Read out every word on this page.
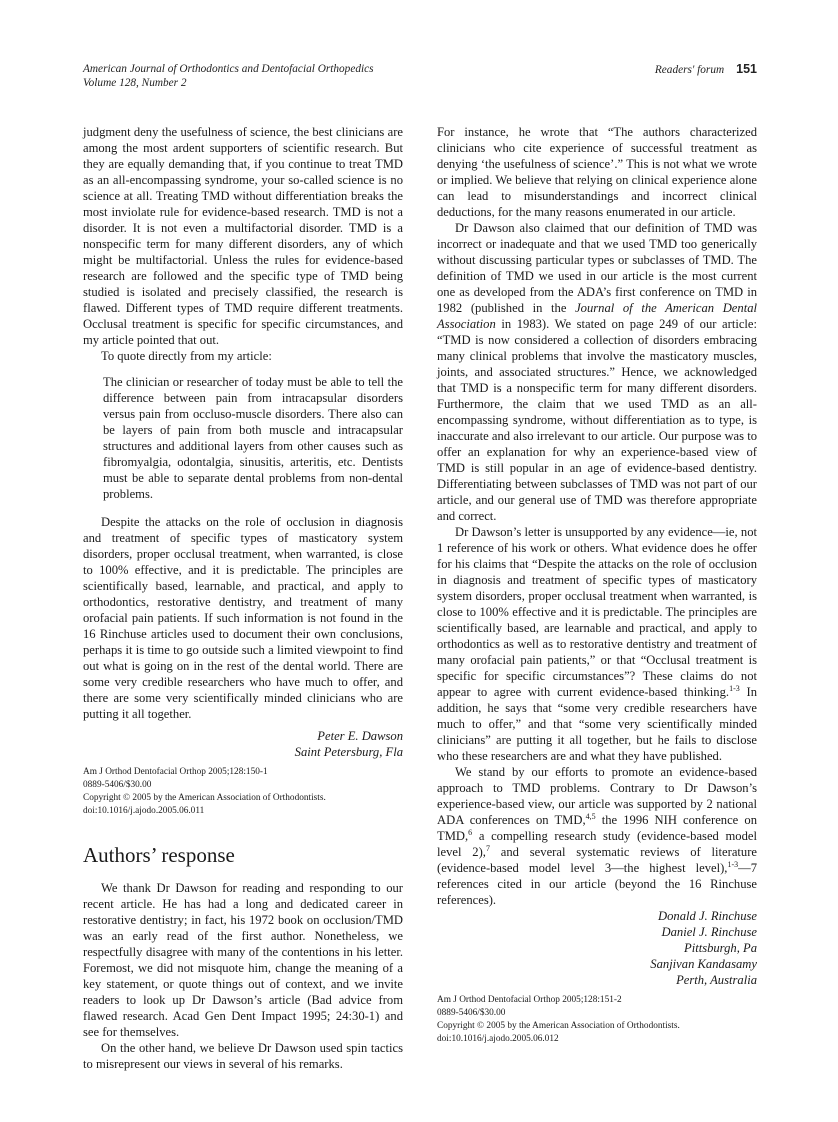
American Journal of Orthodontics and Dentofacial Orthopedics
Volume 128, Number 2
Readers' forum 151

judgment deny the usefulness of science, the best clinicians are among the most ardent supporters of scientific research. But they are equally demanding that, if you continue to treat TMD as an all-encompassing syndrome, your so-called science is no science at all. Treating TMD without differentiation breaks the most inviolate rule for evidence-based research. TMD is not a disorder. It is not even a multifactorial disorder. TMD is a nonspecific term for many different disorders, any of which might be multifactorial. Unless the rules for evidence-based research are followed and the specific type of TMD being studied is isolated and precisely classified, the research is flawed. Different types of TMD require different treatments. Occlusal treatment is specific for specific circumstances, and my article pointed that out.

To quote directly from my article:

The clinician or researcher of today must be able to tell the difference between pain from intracapsular disorders versus pain from occluso-muscle disorders. There also can be layers of pain from both muscle and intracapsular structures and additional layers from other causes such as fibromyalgia, odontalgia, sinusitis, arteritis, etc. Dentists must be able to separate dental problems from non-dental problems.

Despite the attacks on the role of occlusion in diagnosis and treatment of specific types of masticatory system disorders, proper occlusal treatment, when warranted, is close to 100% effective, and it is predictable. The principles are scientifically based, learnable, and practical, and apply to orthodontics, restorative dentistry, and treatment of many orofacial pain patients. If such information is not found in the 16 Rinchuse articles used to document their own conclusions, perhaps it is time to go outside such a limited viewpoint to find out what is going on in the rest of the dental world. There are some very credible researchers who have much to offer, and there are some very scientifically minded clinicians who are putting it all together.

Peter E. Dawson
Saint Petersburg, Fla
Am J Orthod Dentofacial Orthop 2005;128:150-1
0889-5406/$30.00
Copyright © 2005 by the American Association of Orthodontists.
doi:10.1016/j.ajodo.2005.06.011
Authors’ response

We thank Dr Dawson for reading and responding to our recent article. He has had a long and dedicated career in restorative dentistry; in fact, his 1972 book on occlusion/TMD was an early read of the first author. Nonetheless, we respectfully disagree with many of the contentions in his letter. Foremost, we did not misquote him, change the meaning of a key statement, or quote things out of context, and we invite readers to look up Dr Dawson’s article (Bad advice from flawed research. Acad Gen Dent Impact 1995; 24:30-1) and see for themselves.

On the other hand, we believe Dr Dawson used spin tactics to misrepresent our views in several of his remarks.

For instance, he wrote that “The authors characterized clinicians who cite experience of successful treatment as denying ‘the usefulness of science’.” This is not what we wrote or implied. We believe that relying on clinical experience alone can lead to misunderstandings and incorrect clinical deductions, for the many reasons enumerated in our article.

Dr Dawson also claimed that our definition of TMD was incorrect or inadequate and that we used TMD too generically without discussing particular types or subclasses of TMD. The definition of TMD we used in our article is the most current one as developed from the ADA’s first conference on TMD in 1982 (published in the Journal of the American Dental Association in 1983). We stated on page 249 of our article: “TMD is now considered a collection of disorders embracing many clinical problems that involve the masticatory muscles, joints, and associated structures.” Hence, we acknowledged that TMD is a nonspecific term for many different disorders. Furthermore, the claim that we used TMD as an all-encompassing syndrome, without differentiation as to type, is inaccurate and also irrelevant to our article. Our purpose was to offer an explanation for why an experience-based view of TMD is still popular in an age of evidence-based dentistry. Differentiating between subclasses of TMD was not part of our article, and our general use of TMD was therefore appropriate and correct.

Dr Dawson’s letter is unsupported by any evidence—ie, not 1 reference of his work or others. What evidence does he offer for his claims that “Despite the attacks on the role of occlusion in diagnosis and treatment of specific types of masticatory system disorders, proper occlusal treatment when warranted, is close to 100% effective and it is predictable. The principles are scientifically based, are learnable and practical, and apply to orthodontics as well as to restorative dentistry and treatment of many orofacial pain patients,” or that “Occlusal treatment is specific for specific circumstances”? These claims do not appear to agree with current evidence-based thinking.$^{1-3}$ In addition, he says that “some very credible researchers have much to offer,” and that “some very scientifically minded clinicians” are putting it all together, but he fails to disclose who these researchers are and what they have published.

We stand by our efforts to promote an evidence-based approach to TMD problems. Contrary to Dr Dawson’s experience-based view, our article was supported by 2 national ADA conferences on TMD,$^{4,5}$ the 1996 NIH conference on TMD,$^6$ a compelling research study (evidence-based model level 2),$^7$ and several systematic reviews of literature (evidence-based model level 3—the highest level),$^{1-3}$—7 references cited in our article (beyond the 16 Rinchuse references).

Donald J. Rinchuse
Daniel J. Rinchuse
Pittsburgh, Pa
Sanjivan Kandasamy
Perth, Australia
Am J Orthod Dentofacial Orthop 2005;128:151-2
0889-5406/$30.00
Copyright © 2005 by the American Association of Orthodontists.
doi:10.1016/j.ajodo.2005.06.012
